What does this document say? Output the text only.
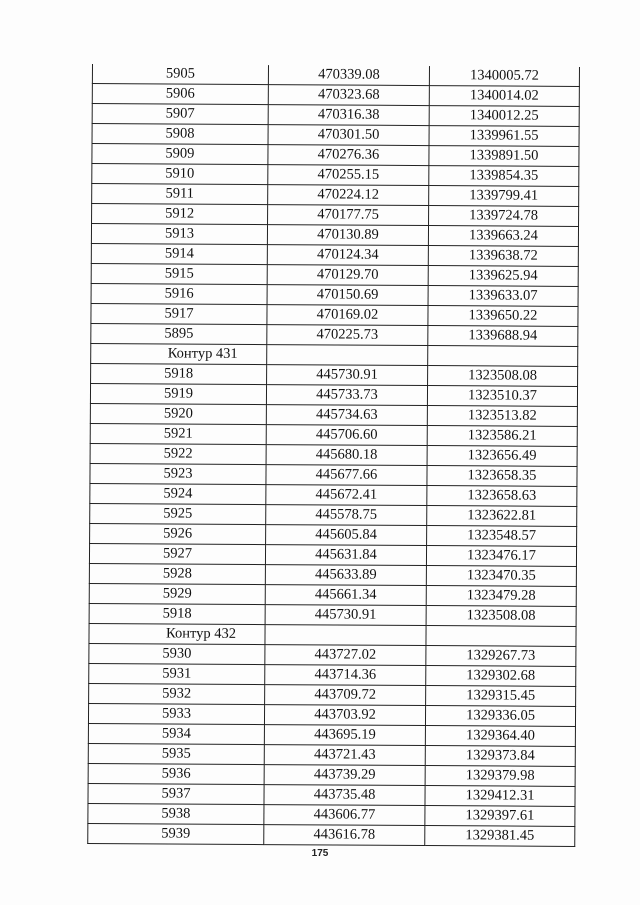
5905	470339.08	1340005.72
5906	470323.68	1340014.02
5907	470316.38	1340012.25
5908	470301.50	1339961.55
5909	470276.36	1339891.50
5910	470255.15	1339854.35
5911	470224.12	1339799.41
5912	470177.75	1339724.78
5913	470130.89	1339663.24
5914	470124.34	1339638.72
5915	470129.70	1339625.94
5916	470150.69	1339633.07
5917	470169.02	1339650.22
5895	470225.73	1339688.94
Контур 431		
5918	445730.91	1323508.08
5919	445733.73	1323510.37
5920	445734.63	1323513.82
5921	445706.60	1323586.21
5922	445680.18	1323656.49
5923	445677.66	1323658.35
5924	445672.41	1323658.63
5925	445578.75	1323622.81
5926	445605.84	1323548.57
5927	445631.84	1323476.17
5928	445633.89	1323470.35
5929	445661.34	1323479.28
5918	445730.91	1323508.08
Контур 432		
5930	443727.02	1329267.73
5931	443714.36	1329302.68
5932	443709.72	1329315.45
5933	443703.92	1329336.05
5934	443695.19	1329364.40
5935	443721.43	1329373.84
5936	443739.29	1329379.98
5937	443735.48	1329412.31
5938	443606.77	1329397.61
5939	443616.78	1329381.45
175
